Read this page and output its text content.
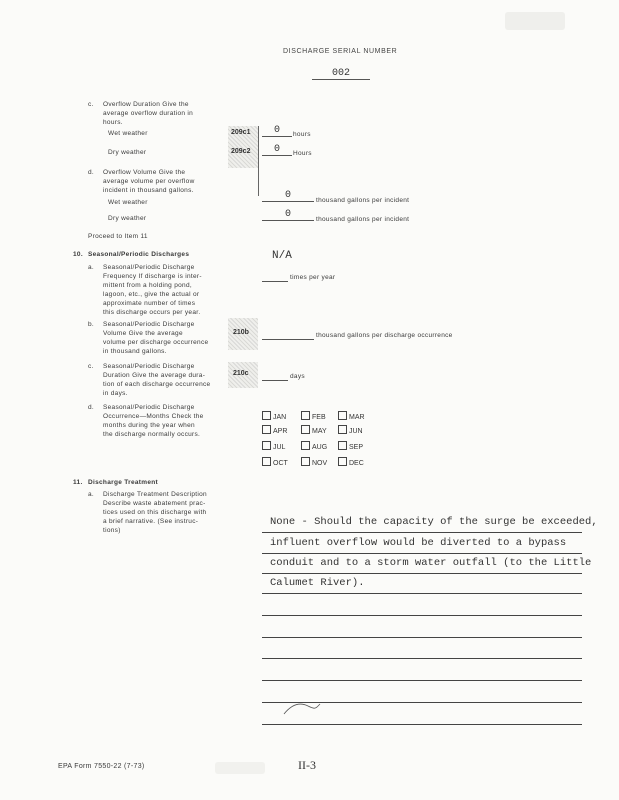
DISCHARGE SERIAL NUMBER
002
c. Overflow Duration Give the
average overflow duration in
hours.
Wet weather
Dry weather
209c1
209c2
0	hours
0	Hours
d. Overflow Volume Give the
average volume per overflow
incident in thousand gallons.
Wet weather
Dry weather
0	thousand gallons per incident
0	thousand gallons per incident
Proceed to Item 11
10. Seasonal/Periodic Discharges	N/A
a. Seasonal/Periodic Discharge
Frequency If discharge is inter-
mittent from a holding pond,
lagoon, etc., give the actual or
approximate number of times
this discharge occurs per year.
times per year
b. Seasonal/Periodic Discharge
Volume Give the average
volume per discharge occurrence
in thousand gallons.
210b	thousand gallons per discharge occurrence
c. Seasonal/Periodic Discharge
Duration Give the average dura-
tion of each discharge occurrence
in days.
210c	days
d. Seasonal/Periodic Discharge
Occurrence—Months Check the
months during the year when
the discharge normally occurs.
JAN	FEB	MAR
APR	MAY	JUN
JUL	AUG	SEP
OCT	NOV	DEC
11. Discharge Treatment
a. Discharge Treatment Description
Describe waste abatement prac-
tices used on this discharge with
a brief narrative. (See instruc-
tions)
None - Should the capacity of the surge be exceeded,
influent overflow would be diverted to a bypass
conduit and to a storm water outfall (to the Little
Calumet River).
EPA Form 7550-22 (7-73)	II-3
